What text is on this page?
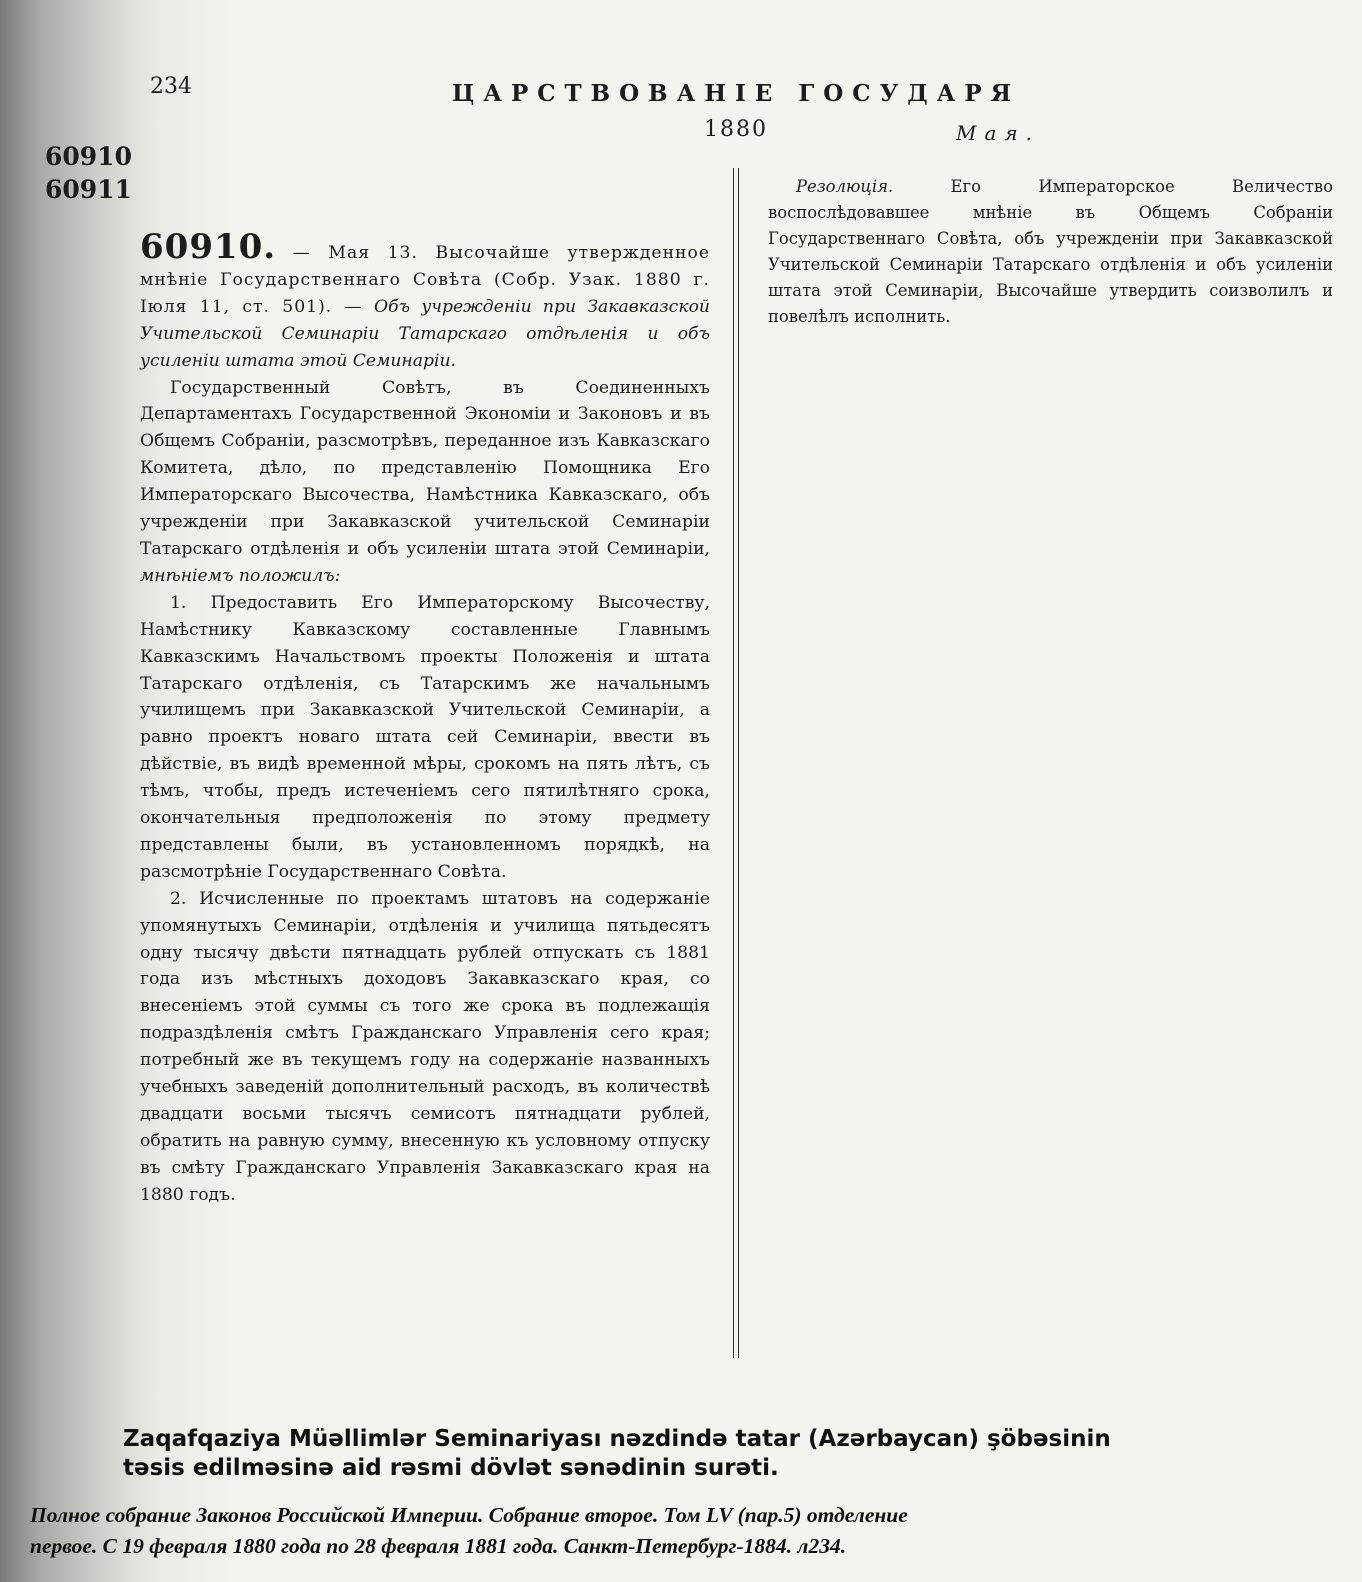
234	ЦАРСТВОВАНІЕ ГОСУДАРЯ
1880	Мая.
60910
60911

60910. — Мая 13. Высочайше утвержденное мнѣніе Государственнаго Совѣта (Собр. Узак. 1880 г. Іюля 11, ст. 501). — Объ учрежденіи при Закавказской Учительской Семинаріи Татарскаго отдѣленія и объ усиленіи штата этой Семинаріи.

Государственный Совѣтъ, въ Соединенныхъ Департаментахъ Государственной Экономіи и Законовъ и въ Общемъ Собраніи, разсмотрѣвъ, переданное изъ Кавказскаго Комитета, дѣло, по представленію Помощника Его Императорскаго Высочества, Намѣстника Кавказскаго, объ учрежденіи при Закавказской учительской Семинаріи Татарскаго отдѣленія и объ усиленіи штата этой Семинаріи, мнѣніемъ положилъ:

1. Предоставить Его Императорскому Высочеству, Намѣстнику Кавказскому составленные Главнымъ Кавказскимъ Начальствомъ проекты Положенія и штата Татарскаго отдѣленія, съ Татарскимъ же начальнымъ училищемъ при Закавказской Учительской Семинаріи, а равно проектъ новаго штата сей Семинаріи, ввести въ дѣйствіе, въ видѣ временной мѣры, срокомъ на пять лѣтъ, съ тѣмъ, чтобы, предъ истеченіемъ сего пятилѣтняго срока, окончательныя предположенія по этому предмету представлены были, въ установленномъ порядкѣ, на разсмотрѣніе Государственнаго Совѣта.

2. Исчисленные по проектамъ штатовъ на содержаніе упомянутыхъ Семинаріи, отдѣленія и училища пятьдесятъ одну тысячу двѣсти пятнадцать рублей отпускать съ 1881 года изъ мѣстныхъ доходовъ Закавказскаго края, со внесеніемъ этой суммы съ того же срока въ подлежащія подраздѣленія смѣтъ Гражданскаго Управленія сего края; потребный же въ текущемъ году на содержаніе названныхъ учебныхъ заведеній дополнительный расходъ, въ количествѣ двадцати восьми тысячъ семисотъ пятнадцати рублей, обратить на равную сумму, внесенную къ условному отпуску въ смѣту Гражданскаго Управленія Закавказскаго края на 1880 годъ.

Резолюція.	Его Императорское Величество воспослѣдовавшее мнѣніе въ Общемъ Собраніи Государственнаго Совѣта, объ учрежденіи при Закавказской Учительской Семинаріи Татарскаго отдѣленія и объ усиленіи штата этой Семинаріи, Высочайше утвердить соизволилъ и повелѣлъ исполнить.

Zaqafqaziya Müəllimlər Seminariyası nəzdində tatar (Azərbaycan) şöbəsinin
təsis edilməsinə aid rəsmi dövlət sənədinin surəti.
Полное собрание Законов Российской Империи. Собрание второе. Том LV (пар.5) отделение
первое. С 19 февраля 1880 года по 28 февраля 1881 года. Санкт-Петербург-1884. л234.
